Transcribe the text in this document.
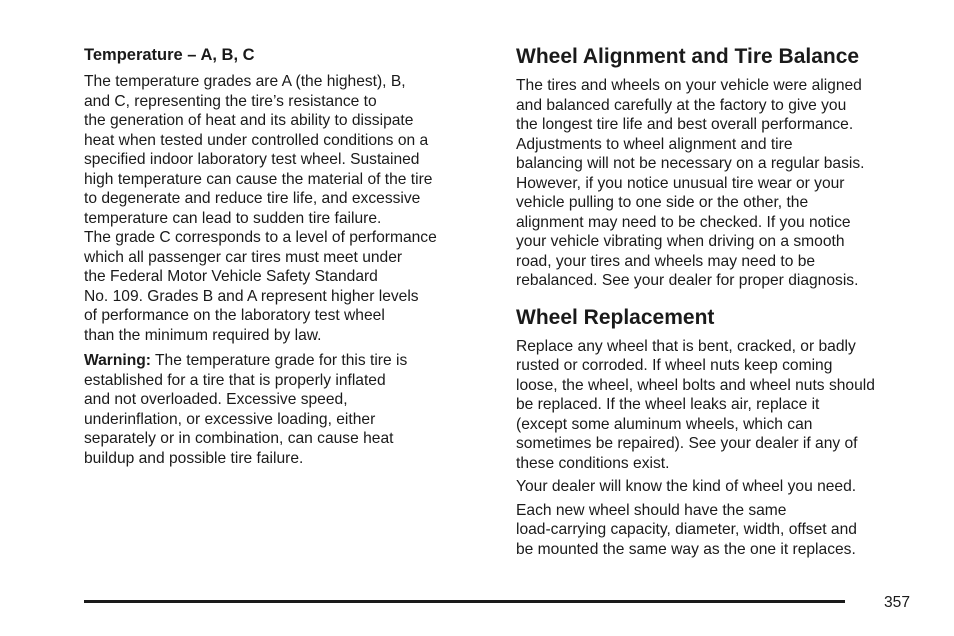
Temperature – A, B, C
The temperature grades are A (the highest), B,
and C, representing the tire’s resistance to
the generation of heat and its ability to dissipate
heat when tested under controlled conditions on a
specified indoor laboratory test wheel. Sustained
high temperature can cause the material of the tire
to degenerate and reduce tire life, and excessive
temperature can lead to sudden tire failure.
The grade C corresponds to a level of performance
which all passenger car tires must meet under
the Federal Motor Vehicle Safety Standard
No. 109. Grades B and A represent higher levels
of performance on the laboratory test wheel
than the minimum required by law.
Warning: The temperature grade for this tire is
established for a tire that is properly inflated
and not overloaded. Excessive speed,
underinflation, or excessive loading, either
separately or in combination, can cause heat
buildup and possible tire failure.
Wheel Alignment and Tire Balance
The tires and wheels on your vehicle were aligned
and balanced carefully at the factory to give you
the longest tire life and best overall performance.
Adjustments to wheel alignment and tire
balancing will not be necessary on a regular basis.
However, if you notice unusual tire wear or your
vehicle pulling to one side or the other, the
alignment may need to be checked. If you notice
your vehicle vibrating when driving on a smooth
road, your tires and wheels may need to be
rebalanced. See your dealer for proper diagnosis.
Wheel Replacement
Replace any wheel that is bent, cracked, or badly
rusted or corroded. If wheel nuts keep coming
loose, the wheel, wheel bolts and wheel nuts should
be replaced. If the wheel leaks air, replace it
(except some aluminum wheels, which can
sometimes be repaired). See your dealer if any of
these conditions exist.
Your dealer will know the kind of wheel you need.
Each new wheel should have the same
load-carrying capacity, diameter, width, offset and
be mounted the same way as the one it replaces.
357
